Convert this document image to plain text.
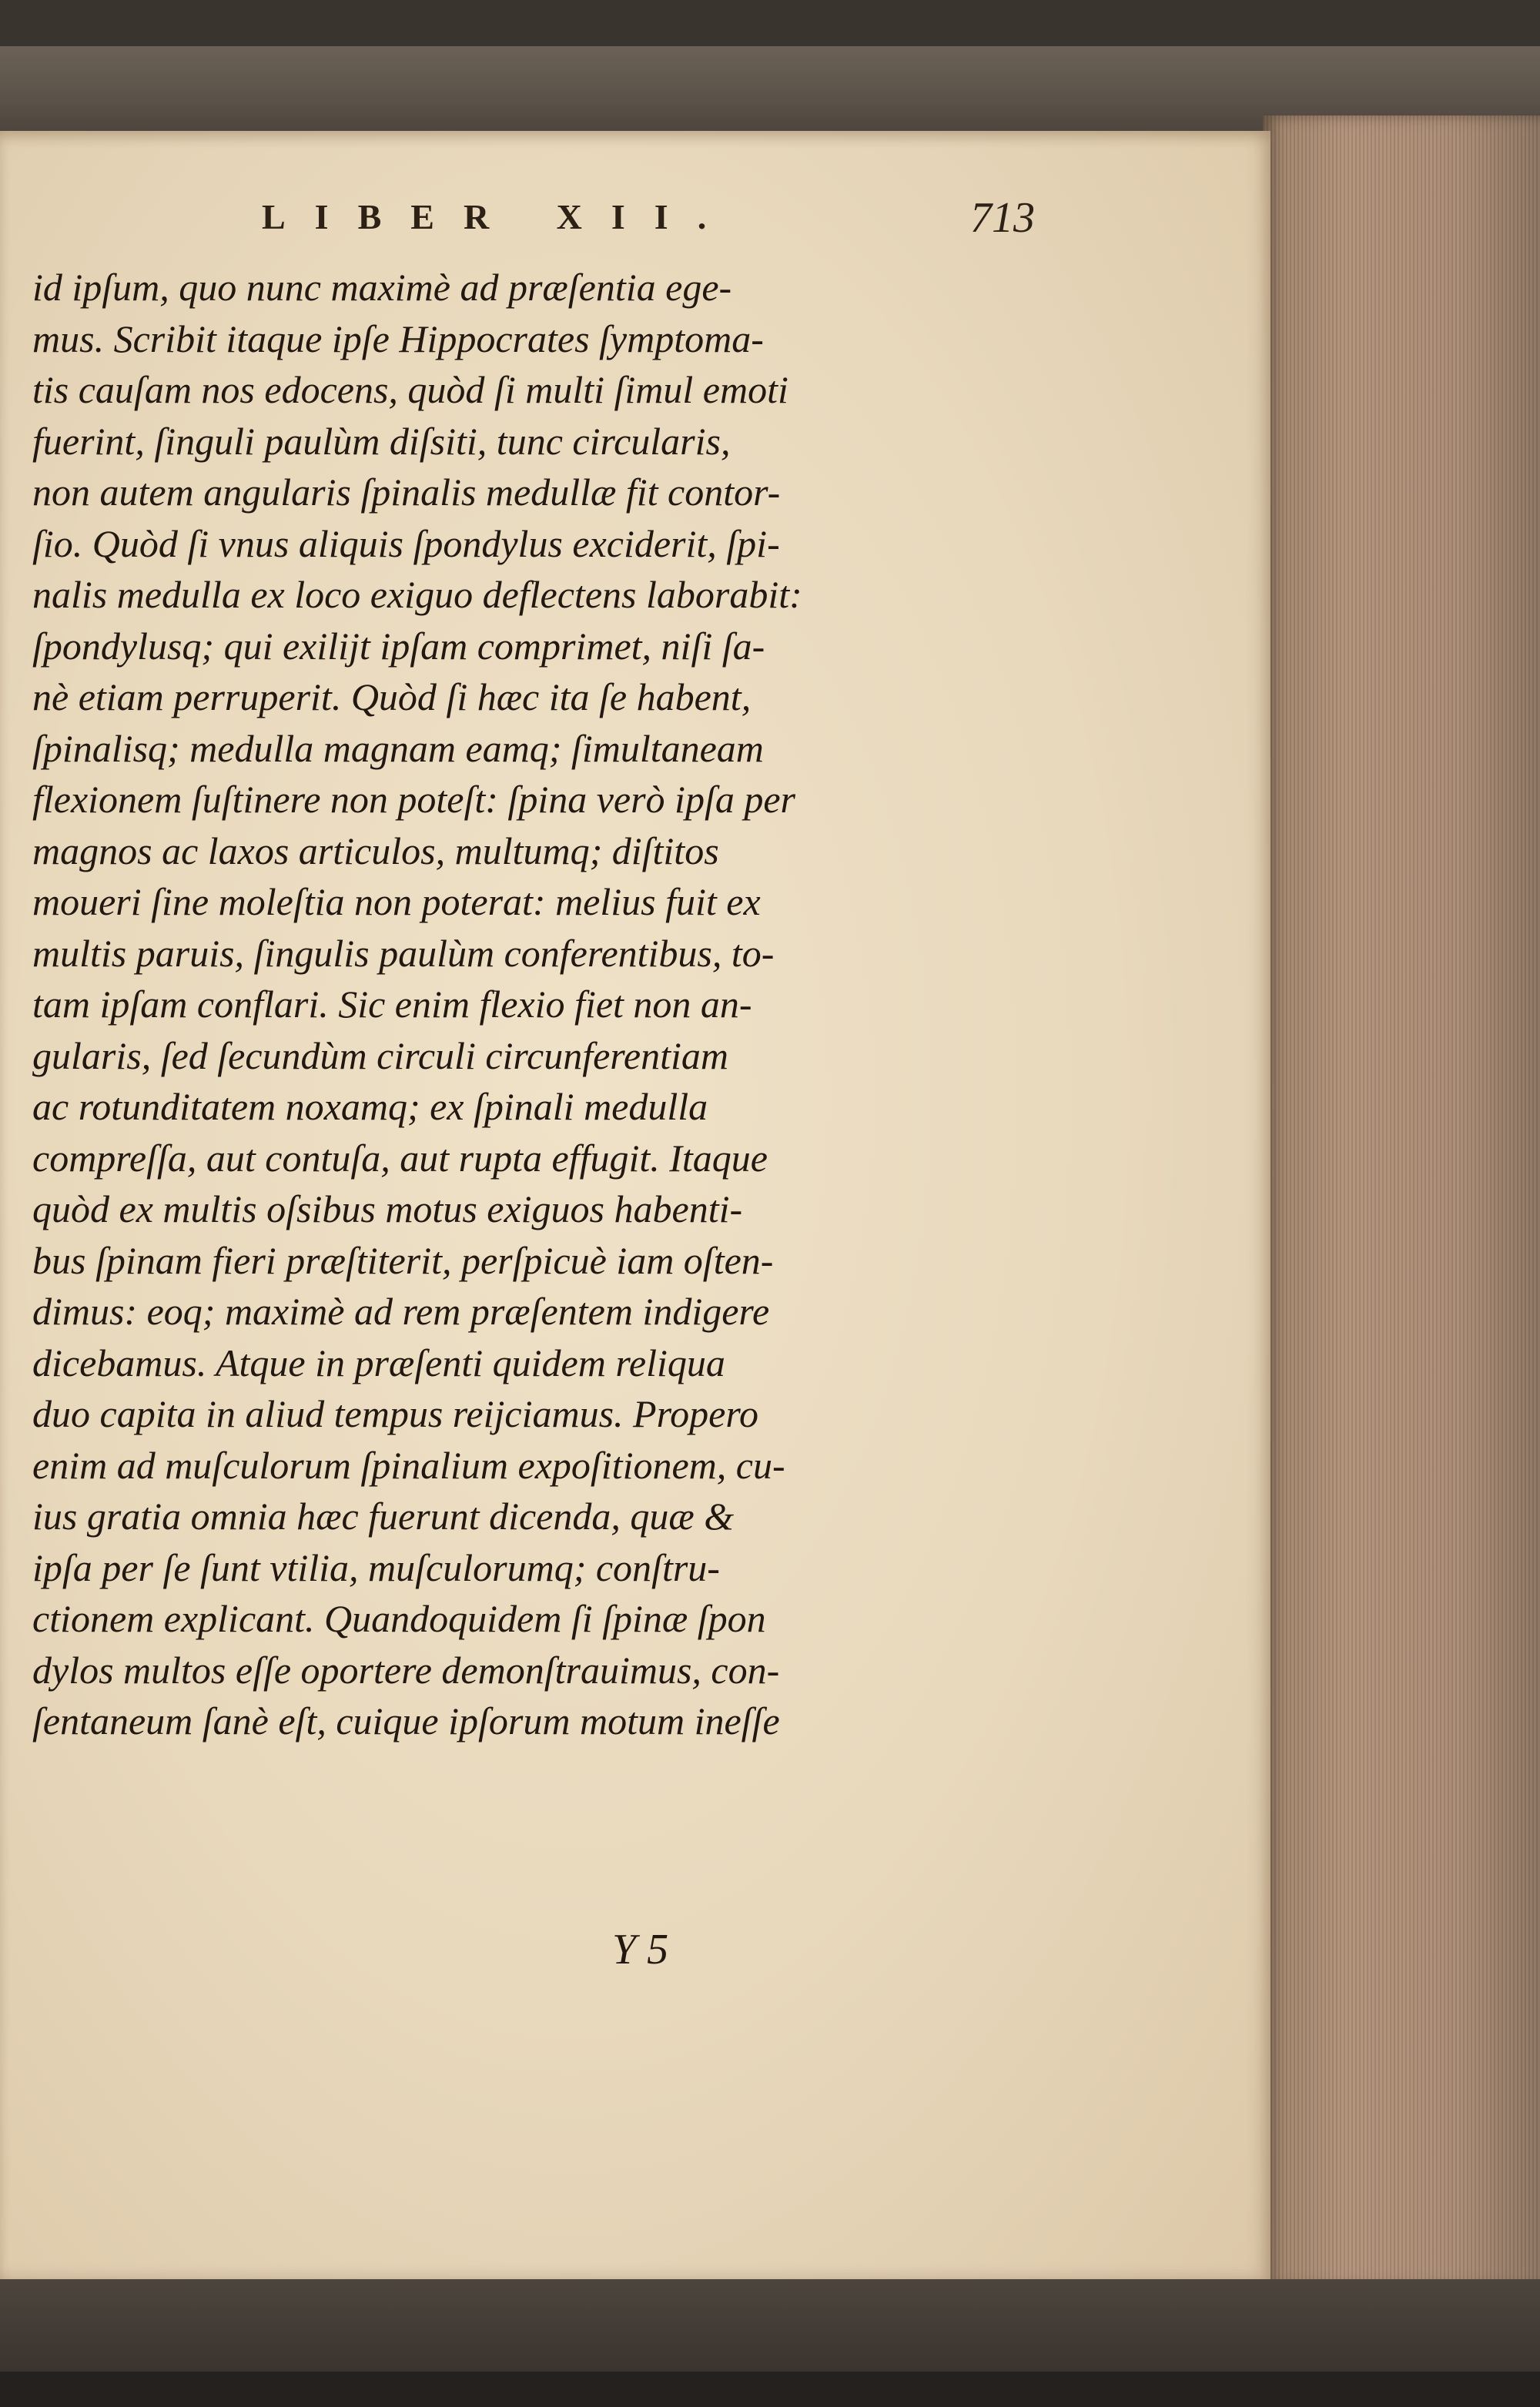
LIBER XII.	713
id ipſum, quo nunc maximè ad præſentia ege-
mus. Scribit itaque ipſe Hippocrates ſymptoma-
tis cauſam nos edocens, quòd ſi multi ſimul emoti
fuerint, ſinguli paulùm diſsiti, tunc circularis,
non autem angularis ſpinalis medullæ fit contor-
ſio. Quòd ſi vnus aliquis ſpondylus exciderit, ſpi-
nalis medulla ex loco exiguo deflectens laborabit:
ſpondylusq; qui exilijt ipſam comprimet, niſi ſa-
nè etiam perruperit. Quòd ſi hæc ita ſe habent,
ſpinalisq; medulla magnam eamq; ſimultaneam
flexionem ſuſtinere non poteſt: ſpina verò ipſa per
magnos ac laxos articulos, multumq; diſtitos
moueri ſine moleſtia non poterat: melius fuit ex
multis paruis, ſingulis paulùm conferentibus, to-
tam ipſam conflari. Sic enim flexio fiet non an-
gularis, ſed ſecundùm circuli circunferentiam
ac rotunditatem noxamq; ex ſpinali medulla
compreſſa, aut contuſa, aut rupta effugit. Itaque
quòd ex multis oſsibus motus exiguos habenti-
bus ſpinam fieri præſtiterit, perſpicuè iam oſten-
dimus: eoq; maximè ad rem præſentem indigere
dicebamus. Atque in præſenti quidem reliqua
duo capita in aliud tempus reijciamus. Propero
enim ad muſculorum ſpinalium expoſitionem, cu-
ius gratia omnia hæc fuerunt dicenda, quæ &
ipſa per ſe ſunt vtilia, muſculorumq; conſtru-
ctionem explicant. Quandoquidem ſi ſpinæ ſpon
dylos multos eſſe oportere demonſtrauimus, con-
ſentaneum ſanè eſt, cuique ipſorum motum ineſſe
Y 5
